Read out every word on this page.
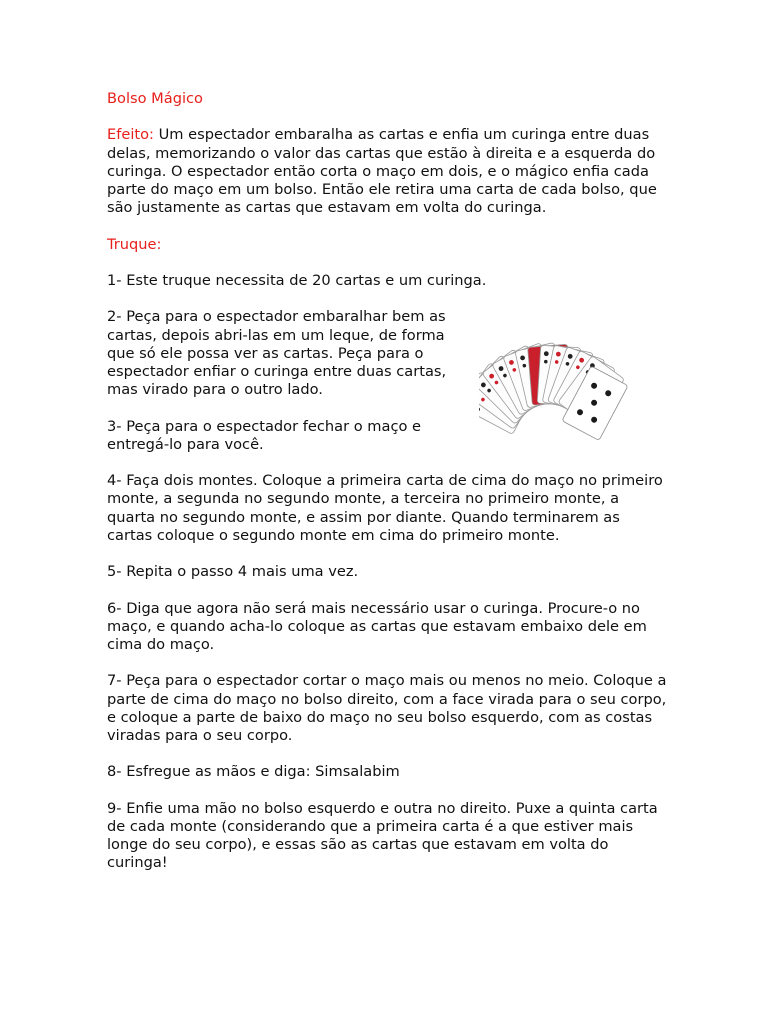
Bolso Mágico

Efeito: Um espectador embaralha as cartas e enfia um curinga entre duas delas, memorizando o valor das cartas que estão à direita e a esquerda do curinga. O espectador então corta o maço em dois, e o mágico enfia cada parte do maço em um bolso. Então ele retira uma carta de cada bolso, que são justamente as cartas que estavam em volta do curinga.

Truque:

1- Este truque necessita de 20 cartas e um curinga.

2- Peça para o espectador embaralhar bem as cartas, depois abri-las em um leque, de forma que só ele possa ver as cartas. Peça para o espectador enfiar o curinga entre duas cartas, mas virado para o outro lado.

3- Peça para o espectador fechar o maço e entregá-lo para você.

4- Faça dois montes. Coloque a primeira carta de cima do maço no primeiro monte, a segunda no segundo monte, a terceira no primeiro monte, a quarta no segundo monte, e assim por diante. Quando terminarem as cartas coloque o segundo monte em cima do primeiro monte.

5- Repita o passo 4 mais uma vez.

6- Diga que agora não será mais necessário usar o curinga. Procure-o no maço, e quando acha-lo coloque as cartas que estavam embaixo dele em cima do maço.

7- Peça para o espectador cortar o maço mais ou menos no meio. Coloque a parte de cima do maço no bolso direito, com a face virada para o seu corpo, e coloque a parte de baixo do maço no seu bolso esquerdo, com as costas viradas para o seu corpo.

8- Esfregue as mãos e diga: Simsalabim

9- Enfie uma mão no bolso esquerdo e outra no direito. Puxe a quinta carta de cada monte (considerando que a primeira carta é a que estiver mais longe do seu corpo), e essas são as cartas que estavam em volta do curinga!
